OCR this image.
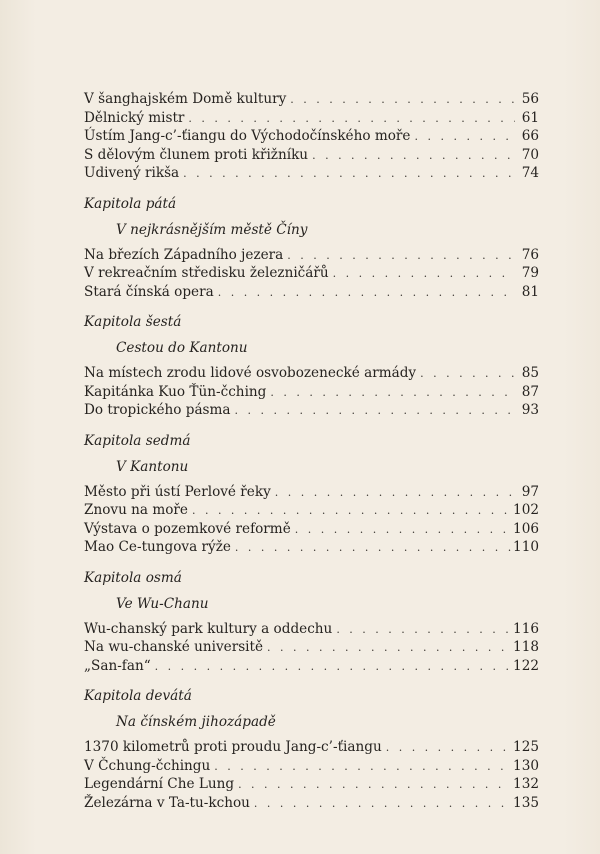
V šanghajském Domě kultury . . .	56
Dělnický mistr . . .	61
Ústím Jang-c’-ťiangu do Východočínského moře . . .	66
S dělovým člunem proti křižníku . . .	70
Udivený rikša . . .	74
Kapitola pátá
V nejkrásnějším městě Číny
Na březích Západního jezera . . .	76
V rekreačním středisku železničářů . . .	79
Stará čínská opera . . .	81
Kapitola šestá
Cestou do Kantonu
Na místech zrodu lidové osvobozenecké armády . . .	85
Kapitánka Kuo Ťün-čching . . .	87
Do tropického pásma . . .	93
Kapitola sedmá
V Kantonu
Město při ústí Perlové řeky . . .	97
Znovu na moře . . .	102
Výstava o pozemkové reformě . . .	106
Mao Ce-tungova rýže . . .	110
Kapitola osmá
Ve Wu-Chanu
Wu-chanský park kultury a oddechu . . .	116
Na wu-chanské universitě . . .	118
„San-fan“ . . .	122
Kapitola devátá
Na čínském jihozápadě
1370 kilometrů proti proudu Jang-c’-ťiangu . . .	125
V Čchung-čchingu . . .	130
Legendární Che Lung . . .	132
Železárna v Ta-tu-kchou . . .	135
